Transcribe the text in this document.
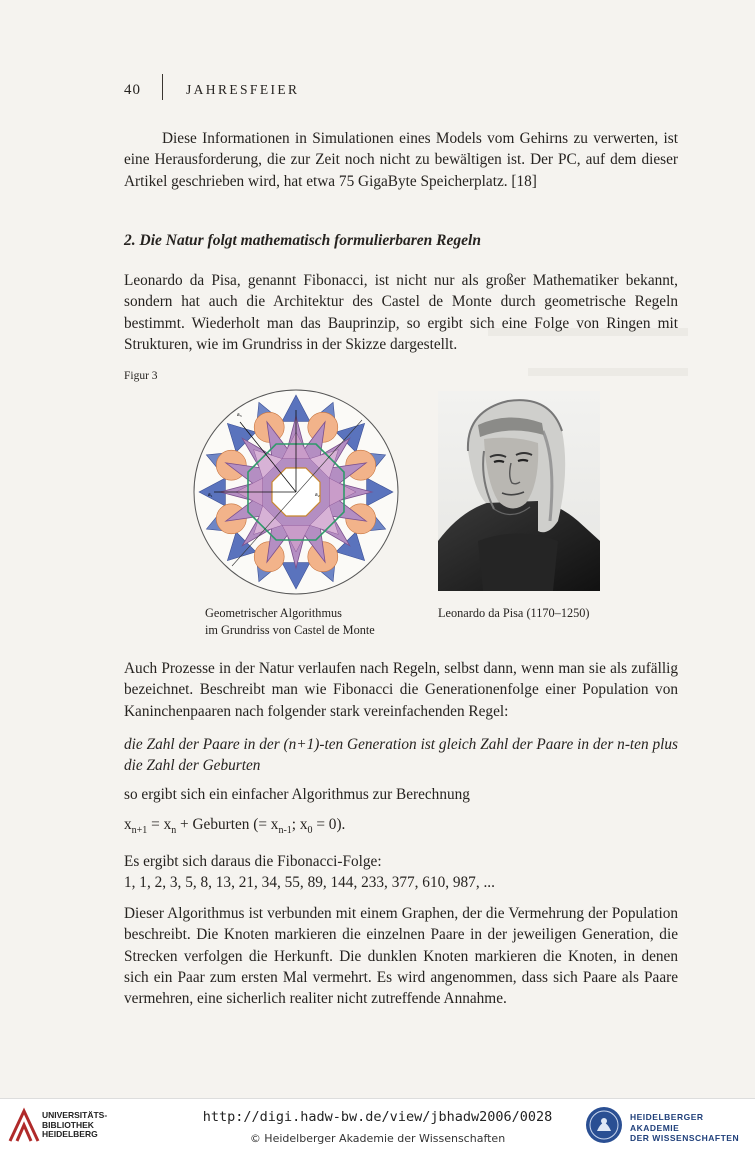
40	JAHRESFEIER

Diese Informationen in Simulationen eines Models vom Gehirns zu verwerten, ist eine Herausforderung, die zur Zeit noch nicht zu bewältigen ist. Der PC, auf dem dieser Artikel geschrieben wird, hat etwa 75 GigaByte Speicherplatz. [18]

2. Die Natur folgt mathematisch formulierbaren Regeln

Leonardo da Pisa, genannt Fibonacci, ist nicht nur als großer Mathematiker bekannt, sondern hat auch die Architektur des Castel de Monte durch geometrische Regeln bestimmt. Wiederholt man das Bauprinzip, so ergibt sich eine Folge von Ringen mit Strukturen, wie im Grundriss in der Skizze dargestellt.

Figur 3
a₁	a₂
a₃
Geometrischer Algorithmus
im Grundriss von Castel de Monte
Leonardo da Pisa (1170–1250)

Auch Prozesse in der Natur verlaufen nach Regeln, selbst dann, wenn man sie als zufällig bezeichnet. Beschreibt man wie Fibonacci die Generationenfolge einer Population von Kaninchenpaaren nach folgender stark vereinfachenden Regel:

die Zahl der Paare in der (n+1)-ten Generation ist gleich Zahl der Paare in der n-ten plus die Zahl der Geburten

so ergibt sich ein einfacher Algorithmus zur Berechnung

$x_{n+1} = x_n$ + Geburten (= $x_{n-1}$; $x_0 = 0$).

Es ergibt sich daraus die Fibonacci-Folge:

1, 1, 2, 3, 5, 8, 13, 21, 34, 55, 89, 144, 233, 377, 610, 987, ...

Dieser Algorithmus ist verbunden mit einem Graphen, der die Vermehrung der Population beschreibt. Die Knoten markieren die einzelnen Paare in der jeweiligen Generation, die Strecken verfolgen die Herkunft. Die dunklen Knoten markieren die Knoten, in denen sich ein Paar zum ersten Mal vermehrt. Es wird angenommen, dass sich Paare als Paare vermehren, eine sicherlich realiter nicht zutreffende Annahme.

UNIVERSITÄTS-
BIBLIOTHEK
HEIDELBERG
http://digi.hadw-bw.de/view/jbhadw2006/0028
© Heidelberger Akademie der Wissenschaften
HEIDELBERGER AKADEMIE
DER WISSENSCHAFTEN
